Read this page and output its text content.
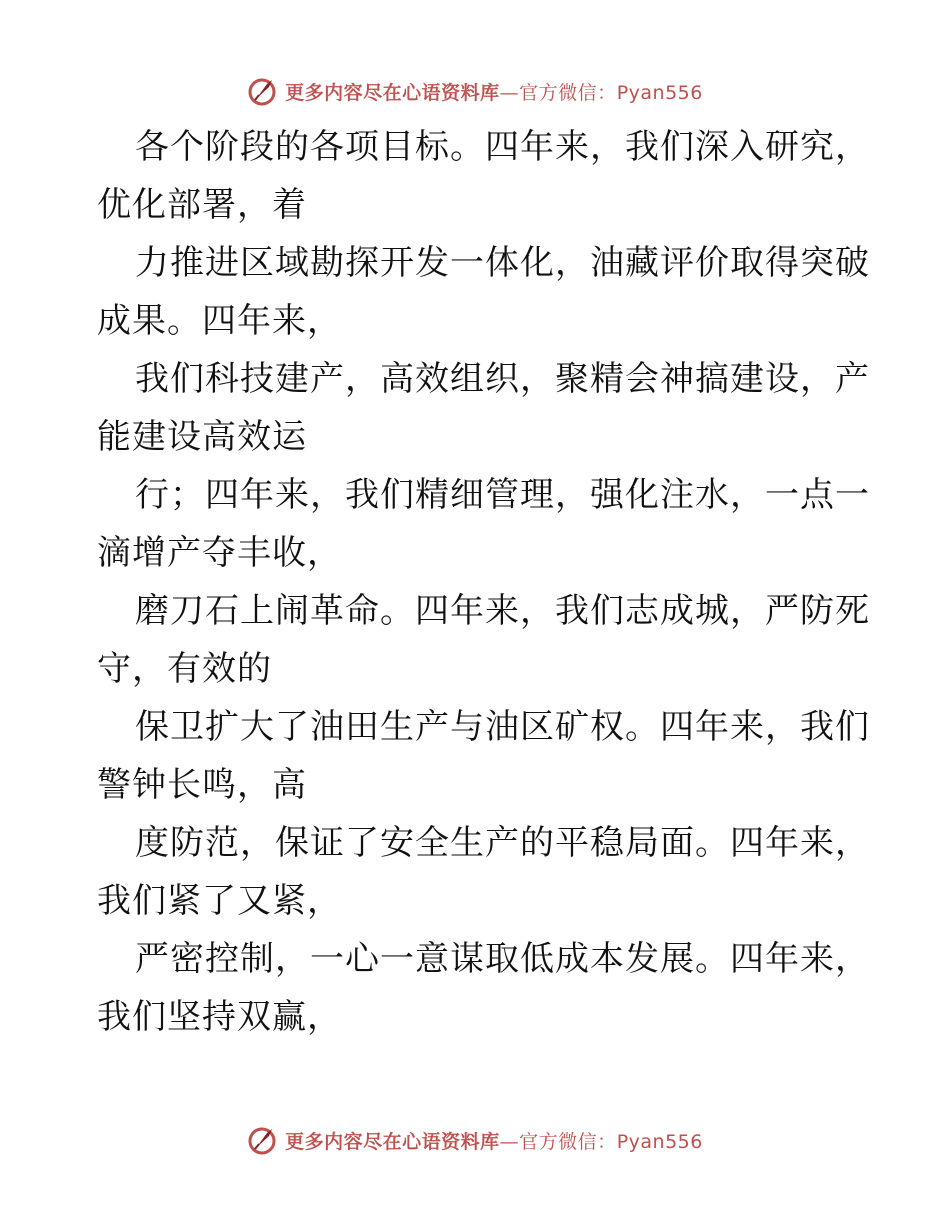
更多内容尽在心语资料库—官方微信：Pyan556
各个阶段的各项目标。四年来，我们深入研究，
优化部署，着
力推进区域勘探开发一体化，油藏评价取得突破
成果。四年来，
我们科技建产，高效组织，聚精会神搞建设，产
能建设高效运
行；四年来，我们精细管理，强化注水，一点一
滴增产夺丰收，
磨刀石上闹革命。四年来，我们志成城，严防死
守，有效的
保卫扩大了油田生产与油区矿权。四年来，我们
警钟长鸣，高
度防范，保证了安全生产的平稳局面。四年来，
我们紧了又紧，
严密控制，一心一意谋取低成本发展。四年来，
我们坚持双赢，
更多内容尽在心语资料库—官方微信：Pyan556
